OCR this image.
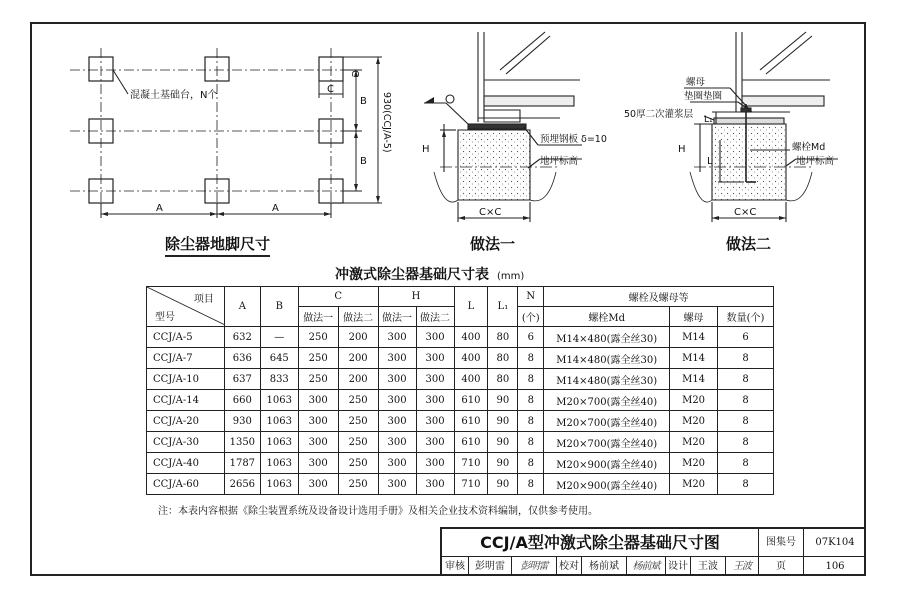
混凝土基础台，N个
A	A
B
B
C
C
930(CCJ/A-5)
除尘器地脚尺寸
预埋钢板 δ=10
地坪标高
H
C×C
做法一
螺母
垫圈垫圈
50厚二次灌浆层
螺栓Md
地坪标高
H
L
L₁
C×C
做法二
冲激式除尘器基础尺寸表 (mm)
项目
型号	A	B	C		H		L	L₁	N	螺栓及螺母等		
			做法一	做法二	做法一	做法二			(个)	螺栓Md	螺母	数量(个)
CCJ/A-5	632	—	250	200	300	300	400	80	6	M14×480(露全丝30)	M14	6
CCJ/A-7	636	645	250	200	300	300	400	80	8	M14×480(露全丝30)	M14	8
CCJ/A-10	637	833	250	200	300	300	400	80	8	M14×480(露全丝30)	M14	8
CCJ/A-14	660	1063	300	250	300	300	610	90	8	M20×700(露全丝40)	M20	8
CCJ/A-20	930	1063	300	250	300	300	610	90	8	M20×700(露全丝40)	M20	8
CCJ/A-30	1350	1063	300	250	300	300	610	90	8	M20×700(露全丝40)	M20	8
CCJ/A-40	1787	1063	300	250	300	300	710	90	8	M20×900(露全丝40)	M20	8
CCJ/A-60	2656	1063	300	250	300	300	710	90	8	M20×900(露全丝40)	M20	8
注：本表内容根据《除尘装置系统及设备设计选用手册》及相关企业技术资料编制，仅供参考使用。
CCJ/A型冲激式除尘器基础尺寸图	图集号	07K104
审核	彭明雷	彭明雷	校对	杨前斌	杨前斌 设计	王波	王波	页	106
